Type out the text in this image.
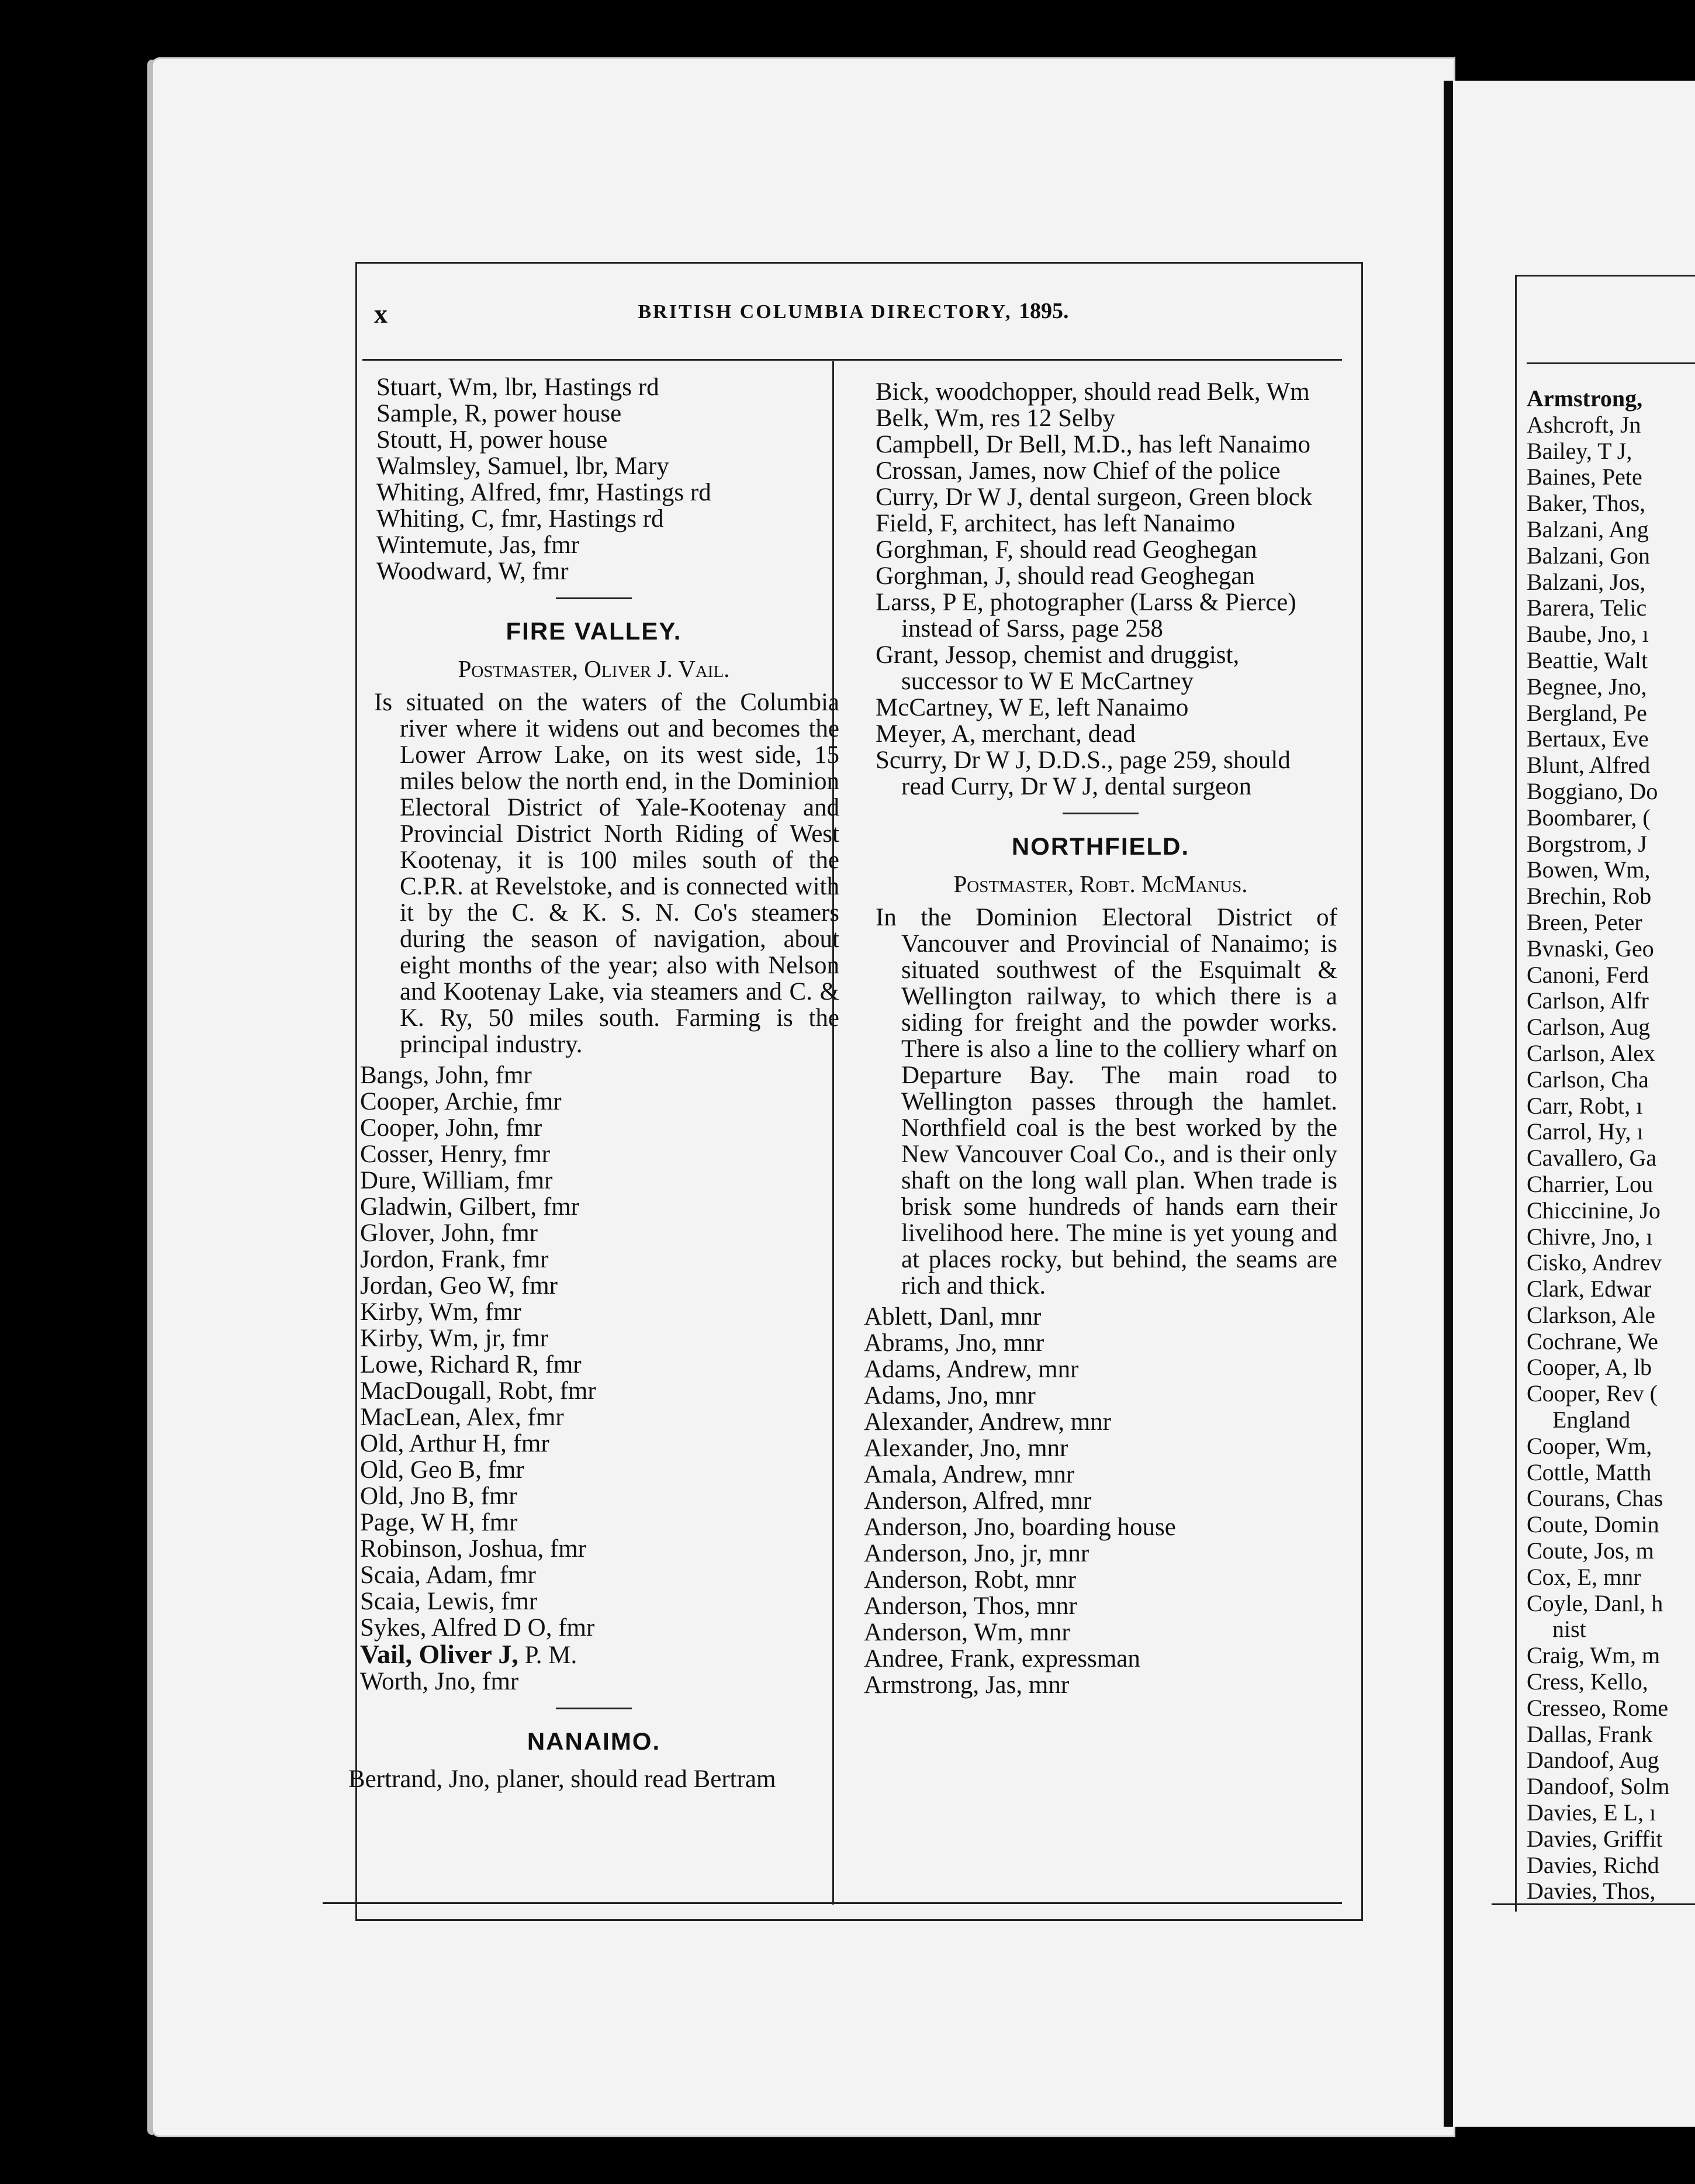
x	BRITISH COLUMBIA DIRECTORY, 1895.
Stuart, Wm, lbr, Hastings rd
Sample, R, power house
Stoutt, H, power house
Walmsley, Samuel, lbr, Mary
Whiting, Alfred, fmr, Hastings rd
Whiting, C, fmr, Hastings rd
Wintemute, Jas, fmr
Woodward, W, fmr
FIRE VALLEY.
Postmaster, Oliver J. Vail.

Is situated on the waters of the Columbia river where it widens out and becomes the Lower Arrow Lake, on its west side, 15 miles below the north end, in the Dominion Electoral District of Yale-Kootenay and Provincial District North Riding of West Kootenay, it is 100 miles south of the C.P.R. at Revelstoke, and is connected with it by the C. & K. S. N. Co's steamers during the season of navigation, about eight months of the year; also with Nelson and Kootenay Lake, via steamers and C. & K. Ry, 50 miles south. Farming is the principal industry.

Bangs, John, fmr
Cooper, Archie, fmr
Cooper, John, fmr
Cosser, Henry, fmr
Dure, William, fmr
Gladwin, Gilbert, fmr
Glover, John, fmr
Jordon, Frank, fmr
Jordan, Geo W, fmr
Kirby, Wm, fmr
Kirby, Wm, jr, fmr
Lowe, Richard R, fmr
MacDougall, Robt, fmr
MacLean, Alex, fmr
Old, Arthur H, fmr
Old, Geo B, fmr
Old, Jno B, fmr
Page, W H, fmr
Robinson, Joshua, fmr
Scaia, Adam, fmr
Scaia, Lewis, fmr
Sykes, Alfred D O, fmr
Vail, Oliver J, P. M.
Worth, Jno, fmr
NANAIMO.
Bertrand, Jno, planer, should read Bertram
Bick, woodchopper, should read Belk, Wm
Belk, Wm, res 12 Selby
Campbell, Dr Bell, M.D., has left Nanaimo
Crossan, James, now Chief of the police
Curry, Dr W J, dental surgeon, Green block
Field, F, architect, has left Nanaimo
Gorghman, F, should read Geoghegan
Gorghman, J, should read Geoghegan
Larss, P E, photographer (Larss & Pierce) instead of Sarss, page 258
Grant, Jessop, chemist and druggist, successor to W E McCartney
McCartney, W E, left Nanaimo
Meyer, A, merchant, dead
Scurry, Dr W J, D.D.S., page 259, should read Curry, Dr W J, dental surgeon
NORTHFIELD.
Postmaster, Robt. McManus.

In the Dominion Electoral District of Vancouver and Provincial of Nanaimo; is situated southwest of the Esquimalt & Wellington railway, to which there is a siding for freight and the powder works. There is also a line to the colliery wharf on Departure Bay. The main road to Wellington passes through the hamlet. Northfield coal is the best worked by the New Vancouver Coal Co., and is their only shaft on the long wall plan. When trade is brisk some hundreds of hands earn their livelihood here. The mine is yet young and at places rocky, but behind, the seams are rich and thick.

Ablett, Danl, mnr
Abrams, Jno, mnr
Adams, Andrew, mnr
Adams, Jno, mnr
Alexander, Andrew, mnr
Alexander, Jno, mnr
Amala, Andrew, mnr
Anderson, Alfred, mnr
Anderson, Jno, boarding house
Anderson, Jno, jr, mnr
Anderson, Robt, mnr
Anderson, Thos, mnr
Anderson, Wm, mnr
Andree, Frank, expressman
Armstrong, Jas, mnr
Armstrong,
Ashcroft, Jn
Bailey, T J,
Baines, Pete
Baker, Thos,
Balzani, Ang
Balzani, Gon
Balzani, Jos,
Barera, Telic
Baube, Jno, ı
Beattie, Walt
Begnee, Jno,
Bergland, Pe
Bertaux, Eve
Blunt, Alfred
Boggiano, Do
Boombarer, (
Borgstrom, J
Bowen, Wm,
Brechin, Rob
Breen, Peter
Bvnaski, Geo
Canoni, Ferd
Carlson, Alfr
Carlson, Aug
Carlson, Alex
Carlson, Cha
Carr, Robt, ı
Carrol, Hy, ı
Cavallero, Ga
Charrier, Lou
Chiccinine, Jo
Chivre, Jno, ı
Cisko, Andrev
Clark, Edwar
Clarkson, Ale
Cochrane, We
Cooper, A, lb
Cooper, Rev (
England
Cooper, Wm,
Cottle, Matth
Courans, Chas
Coute, Domin
Coute, Jos, m
Cox, E, mnr
Coyle, Danl, h
nist
Craig, Wm, m
Cress, Kello,
Cresseo, Rome
Dallas, Frank
Dandoof, Aug
Dandoof, Solm
Davies, E L, ı
Davies, Griffit
Davies, Richd
Davies, Thos,
